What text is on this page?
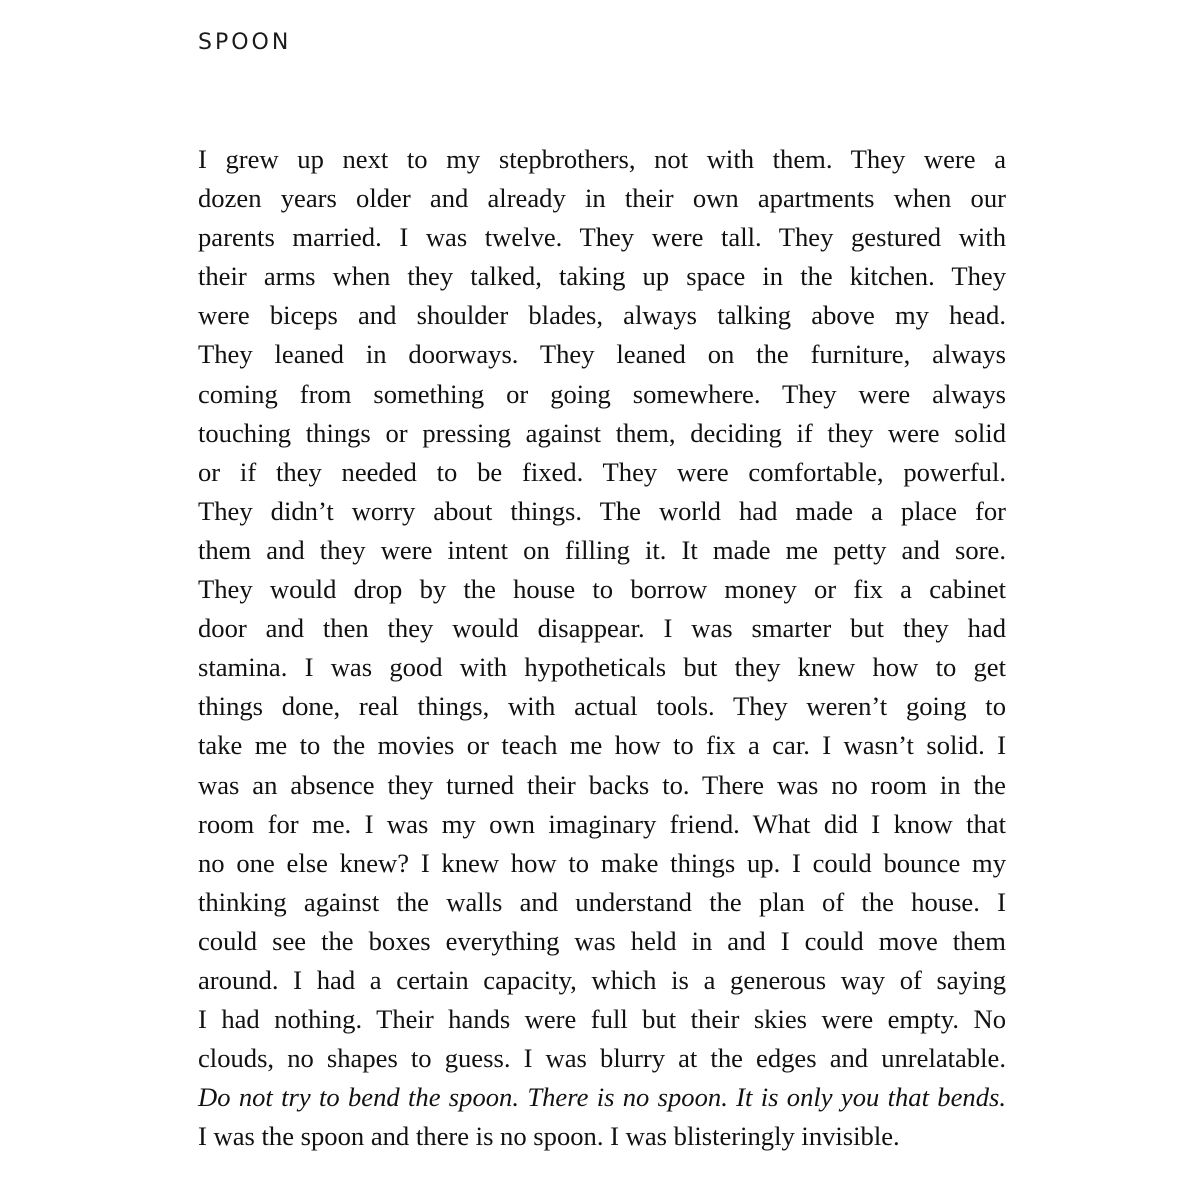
SPOON
I grew up next to my stepbrothers, not with them. They were a
dozen years older and already in their own apartments when our
parents married. I was twelve. They were tall. They gestured with
their arms when they talked, taking up space in the kitchen. They
were biceps and shoulder blades, always talking above my head.
They leaned in doorways. They leaned on the furniture, always
coming from something or going somewhere. They were always
touching things or pressing against them, deciding if they were solid
or if they needed to be fixed. They were comfortable, powerful.
They didn’t worry about things. The world had made a place for
them and they were intent on filling it. It made me petty and sore.
They would drop by the house to borrow money or fix a cabinet
door and then they would disappear. I was smarter but they had
stamina. I was good with hypotheticals but they knew how to get
things done, real things, with actual tools. They weren’t going to
take me to the movies or teach me how to fix a car. I wasn’t solid. I
was an absence they turned their backs to. There was no room in the
room for me. I was my own imaginary friend. What did I know that
no one else knew? I knew how to make things up. I could bounce my
thinking against the walls and understand the plan of the house. I
could see the boxes everything was held in and I could move them
around. I had a certain capacity, which is a generous way of saying
I had nothing. Their hands were full but their skies were empty. No
clouds, no shapes to guess. I was blurry at the edges and unrelatable.
Do not try to bend the spoon. There is no spoon. It is only you that bends.
I was the spoon and there is no spoon. I was blisteringly invisible.
